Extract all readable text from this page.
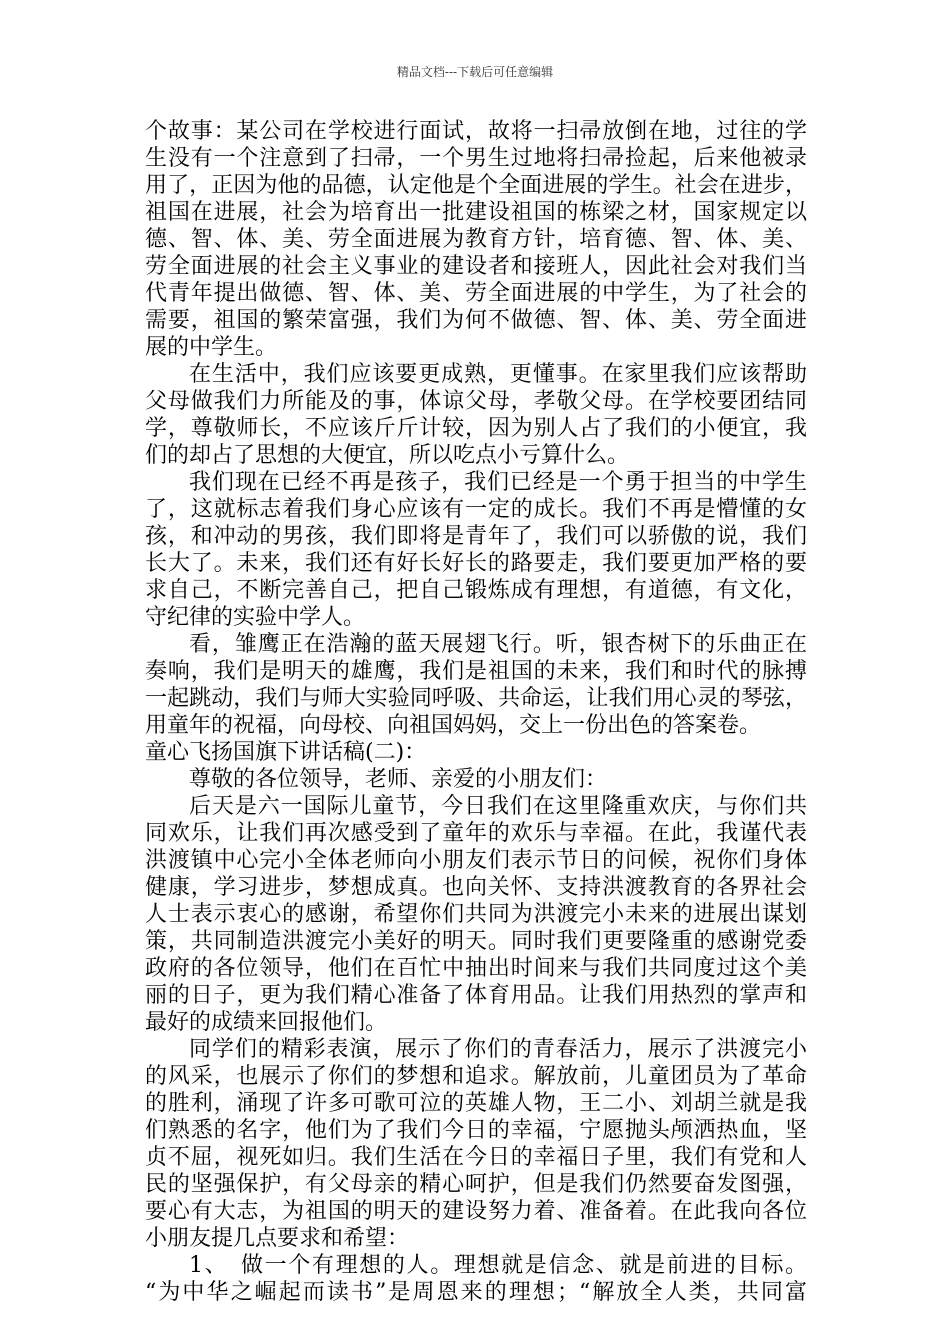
精品文档---下载后可任意编辑
个故事：某公司在学校进行面试，故将一扫帚放倒在地，过往的学
生没有一个注意到了扫帚，一个男生过地将扫帚捡起，后来他被录
用了，正因为他的品德，认定他是个全面进展的学生。社会在进步，
祖国在进展，社会为培育出一批建设祖国的栋梁之材，国家规定以
德、智、体、美、劳全面进展为教育方针，培育德、智、体、美、
劳全面进展的社会主义事业的建设者和接班人，因此社会对我们当
代青年提出做德、智、体、美、劳全面进展的中学生，为了社会的
需要，祖国的繁荣富强，我们为何不做德、智、体、美、劳全面进
展的中学生。
在生活中，我们应该要更成熟，更懂事。在家里我们应该帮助
父母做我们力所能及的事，体谅父母，孝敬父母。在学校要团结同
学，尊敬师长，不应该斤斤计较，因为别人占了我们的小便宜，我
们的却占了思想的大便宜，所以吃点小亏算什么。
我们现在已经不再是孩子，我们已经是一个勇于担当的中学生
了，这就标志着我们身心应该有一定的成长。我们不再是懵懂的女
孩，和冲动的男孩，我们即将是青年了，我们可以骄傲的说，我们
长大了。未来，我们还有好长好长的路要走，我们要更加严格的要
求自己，不断完善自己，把自己锻炼成有理想，有道德，有文化，
守纪律的实验中学人。
看，雏鹰正在浩瀚的蓝天展翅飞行。听，银杏树下的乐曲正在
奏响，我们是明天的雄鹰，我们是祖国的未来，我们和时代的脉搏
一起跳动，我们与师大实验同呼吸、共命运，让我们用心灵的琴弦，
用童年的祝福，向母校、向祖国妈妈，交上一份出色的答案卷。
童心飞扬国旗下讲话稿(二)：
尊敬的各位领导，老师、亲爱的小朋友们：
后天是六一国际儿童节，今日我们在这里隆重欢庆，与你们共
同欢乐，让我们再次感受到了童年的欢乐与幸福。在此，我谨代表
洪渡镇中心完小全体老师向小朋友们表示节日的问候，祝你们身体
健康，学习进步，梦想成真。也向关怀、支持洪渡教育的各界社会
人士表示衷心的感谢，希望你们共同为洪渡完小未来的进展出谋划
策，共同制造洪渡完小美好的明天。同时我们更要隆重的感谢党委
政府的各位领导，他们在百忙中抽出时间来与我们共同度过这个美
丽的日子，更为我们精心准备了体育用品。让我们用热烈的掌声和
最好的成绩来回报他们。
同学们的精彩表演，展示了你们的青春活力，展示了洪渡完小
的风采，也展示了你们的梦想和追求。解放前，儿童团员为了革命
的胜利，涌现了许多可歌可泣的英雄人物，王二小、刘胡兰就是我
们熟悉的名字，他们为了我们今日的幸福，宁愿抛头颅洒热血，坚
贞不屈，视死如归。我们生活在今日的幸福日子里，我们有党和人
民的坚强保护，有父母亲的精心呵护，但是我们仍然要奋发图强，
要心有大志，为祖国的明天的建设努力着、准备着。在此我向各位
小朋友提几点要求和希望：
1、　做一个有理想的人。理想就是信念、就是前进的目标。
“为中华之崛起而读书”是周恩来的理想；“解放全人类，共同富
